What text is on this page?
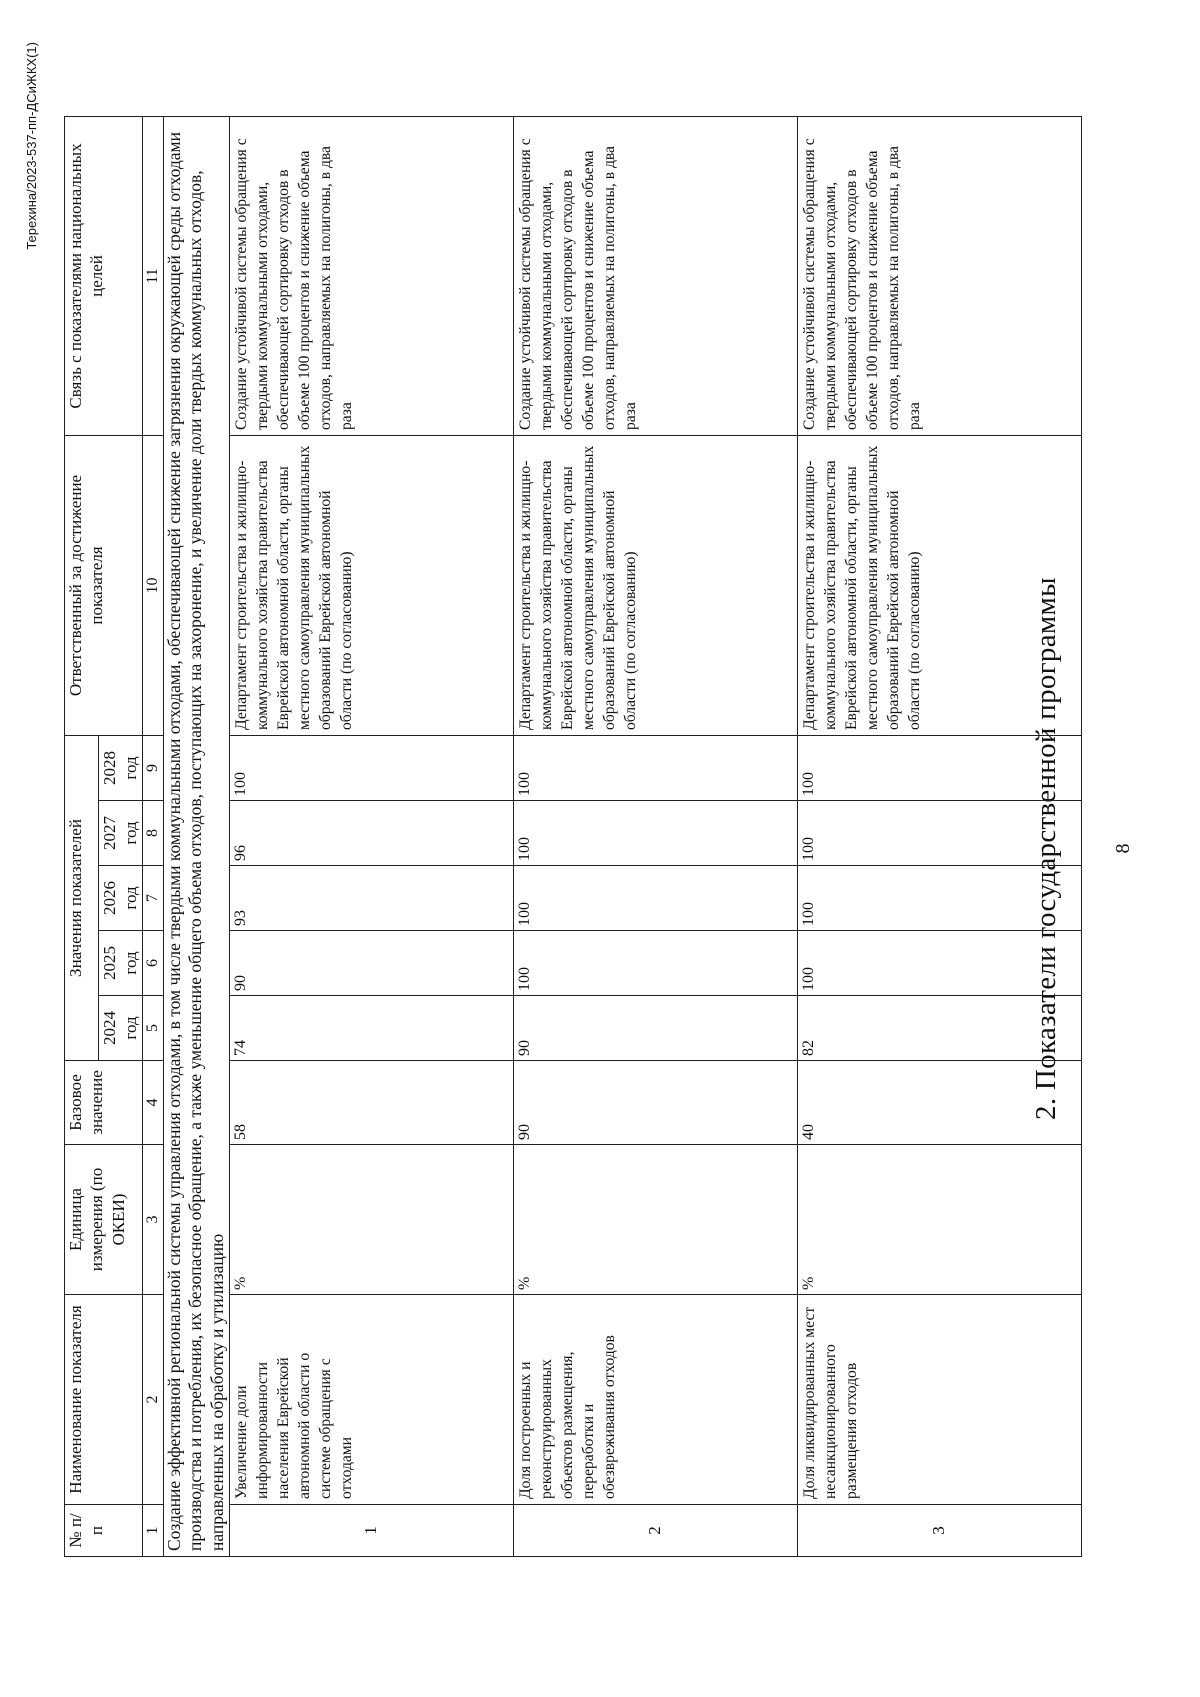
8
2. Показатели государственной программы
№ п/п	Наименование показателя	Единица измерения (по ОКЕИ)	Базовое значение	Значения показателей					Ответственный за достижение показателя	Связь с показателями национальных целей
				2024 год	2025 год	2026 год	2027 год	2028 год		
1	2	3	4	5	6	7	8	9	10	11
Создание эффективной региональной системы управления отходами, в том числе твердыми коммунальными отходами, обеспечивающей снижение загрязнения окружающей среды отходами производства и потребления, их безопасное обращение, а также уменьшение общего объема отходов, поступающих на захоронение, и увеличение доли твердых коммунальных отходов, направленных на обработку и утилизацию										
1	Увеличение доли информированности населения Еврейской автономной области о системе обращения с отходами	%	58	74	90	93	96	100	Департамент строительства и жилищно-коммунального хозяйства правительства Еврейской автономной области, органы местного самоуправления муниципальных образований Еврейской автономной области (по согласованию)	Создание устойчивой системы обращения с твердыми коммунальными отходами, обеспечивающей сортировку отходов в объеме 100 процентов и снижение объема отходов, направляемых на полигоны, в два раза
2	Доля построенных и реконструированных объектов размещения, переработки и обезвреживания отходов	%	90	90	100	100	100	100	Департамент строительства и жилищно-коммунального хозяйства правительства Еврейской автономной области, органы местного самоуправления муниципальных образований Еврейской автономной области (по согласованию)	Создание устойчивой системы обращения с твердыми коммунальными отходами, обеспечивающей сортировку отходов в объеме 100 процентов и снижение объема отходов, направляемых на полигоны, в два раза
3	Доля ликвидированных мест несанкционированного размещения отходов	%	40	82	100	100	100	100	Департамент строительства и жилищно-коммунального хозяйства правительства Еврейской автономной области, органы местного самоуправления муниципальных образований Еврейской автономной области (по согласованию)	Создание устойчивой системы обращения с твердыми коммунальными отходами, обеспечивающей сортировку отходов в объеме 100 процентов и снижение объема отходов, направляемых на полигоны, в два раза
Терехина/2023-537-пп-ДСиЖКХ(1)
